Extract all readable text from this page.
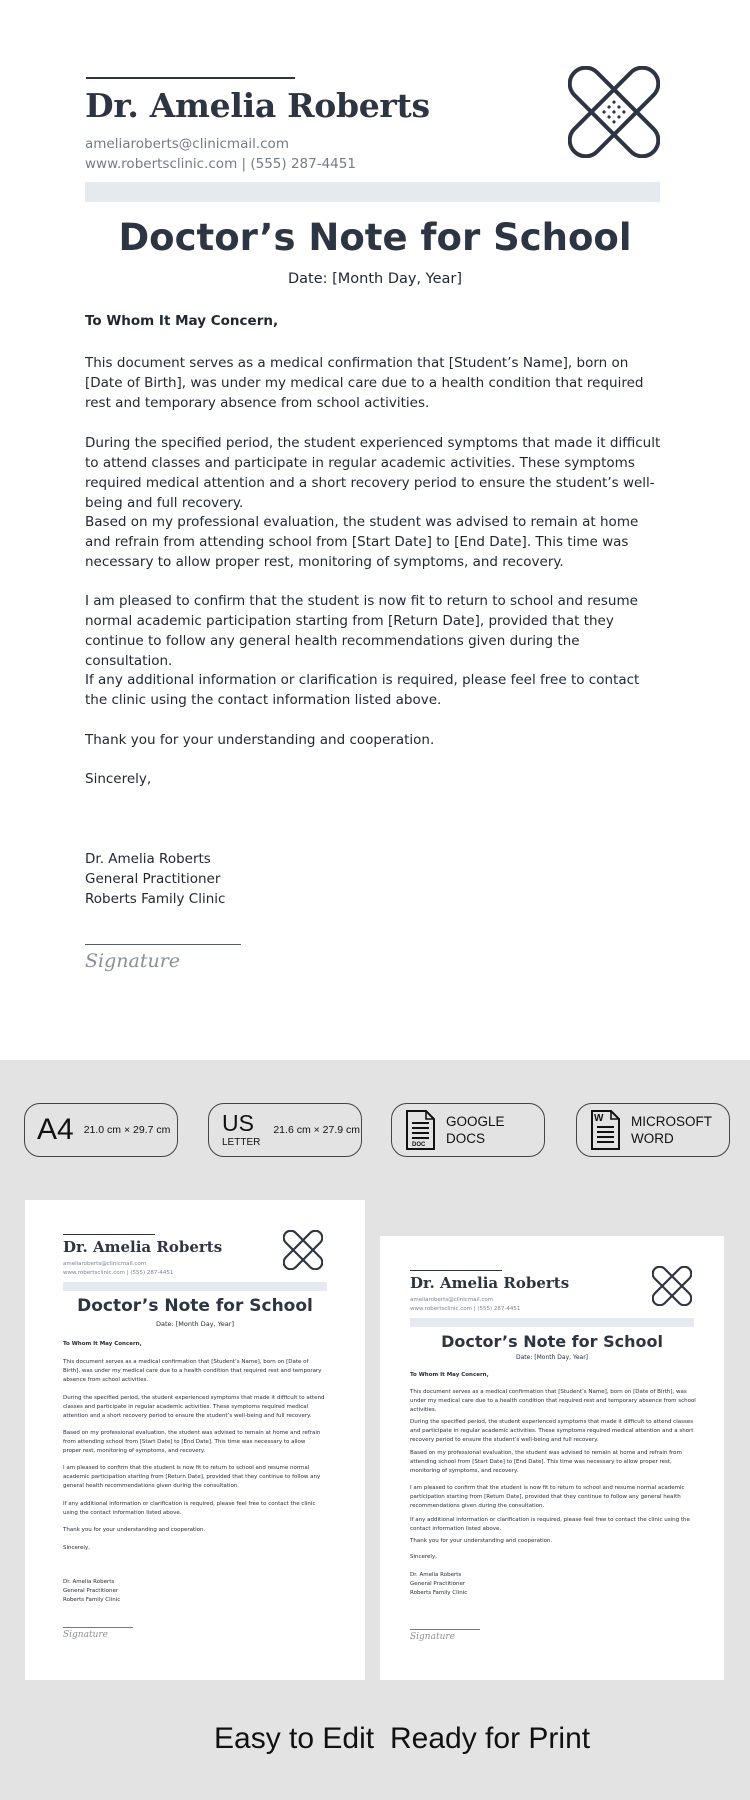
Dr. Amelia Roberts
ameliaroberts@clinicmail.com
www.robertsclinic.com | (555) 287-4451
Doctor’s Note for School
Date: [Month Day, Year]
To Whom It May Concern,
This document serves as a medical confirmation that [Student’s Name], born on [Date of Birth], was under my medical care due to a health condition that required rest and temporary absence from school activities.
During the specified period, the student experienced symptoms that made it difficult to attend classes and participate in regular academic activities. These symptoms required medical attention and a short recovery period to ensure the student’s well-being and full recovery.
Based on my professional evaluation, the student was advised to remain at home and refrain from attending school from [Start Date] to [End Date]. This time was necessary to allow proper rest, monitoring of symptoms, and recovery.
I am pleased to confirm that the student is now fit to return to school and resume normal academic participation starting from [Return Date], provided that they continue to follow any general health recommendations given during the consultation.
If any additional information or clarification is required, please feel free to contact the clinic using the contact information listed above.
Thank you for your understanding and cooperation.
Sincerely,
Dr. Amelia Roberts
General Practitioner
Roberts Family Clinic
Signature
A4 21.0 cm × 29.7 cm US
LETTER
21.6 cm × 27.9 cm
DOC
GOOGLE
DOCS
W MICROSOFT
WORD
Dr. Amelia Roberts
ameliaroberts@clinicmail.com
www.robertsclinic.com | (555) 287-4451
Doctor’s Note for School
Date: [Month Day, Year]
To Whom It May Concern,
This document serves as a medical confirmation that [Student’s Name], born on [Date of Birth], was under my medical care due to a health condition that required rest and temporary absence from school activities.
During the specified period, the student experienced symptoms that made it difficult to attend classes and participate in regular academic activities. These symptoms required medical attention and a short recovery period to ensure the student’s well-being and full recovery.
Based on my professional evaluation, the student was advised to remain at home and refrain from attending school from [Start Date] to [End Date]. This time was necessary to allow proper rest, monitoring of symptoms, and recovery.
I am pleased to confirm that the student is now fit to return to school and resume normal academic participation starting from [Return Date], provided that they continue to follow any general health recommendations given during the consultation.
If any additional information or clarification is required, please feel free to contact the clinic using the contact information listed above.
Thank you for your understanding and cooperation.
Sincerely,
Dr. Amelia Roberts
General Practitioner
Roberts Family Clinic
Signature
Dr. Amelia Roberts
ameliaroberts@clinicmail.com
www.robertsclinic.com | (555) 287-4451
Doctor’s Note for School
Date: [Month Day, Year]
To Whom It May Concern,
This document serves as a medical confirmation that [Student’s Name], born on [Date of Birth], was under my medical care due to a health condition that required rest and temporary absence from school activities.
During the specified period, the student experienced symptoms that made it difficult to attend classes and participate in regular academic activities. These symptoms required medical attention and a short recovery period to ensure the student’s well-being and full recovery.
Based on my professional evaluation, the student was advised to remain at home and refrain from attending school from [Start Date] to [End Date]. This time was necessary to allow proper rest, monitoring of symptoms, and recovery.
I am pleased to confirm that the student is now fit to return to school and resume normal academic participation starting from [Return Date], provided that they continue to follow any general health recommendations given during the consultation.
If any additional information or clarification is required, please feel free to contact the clinic using the contact information listed above.
Thank you for your understanding and cooperation.
Sincerely,
Dr. Amelia Roberts
General Practitioner
Roberts Family Clinic
Signature
Easy to Edit Ready for Print
